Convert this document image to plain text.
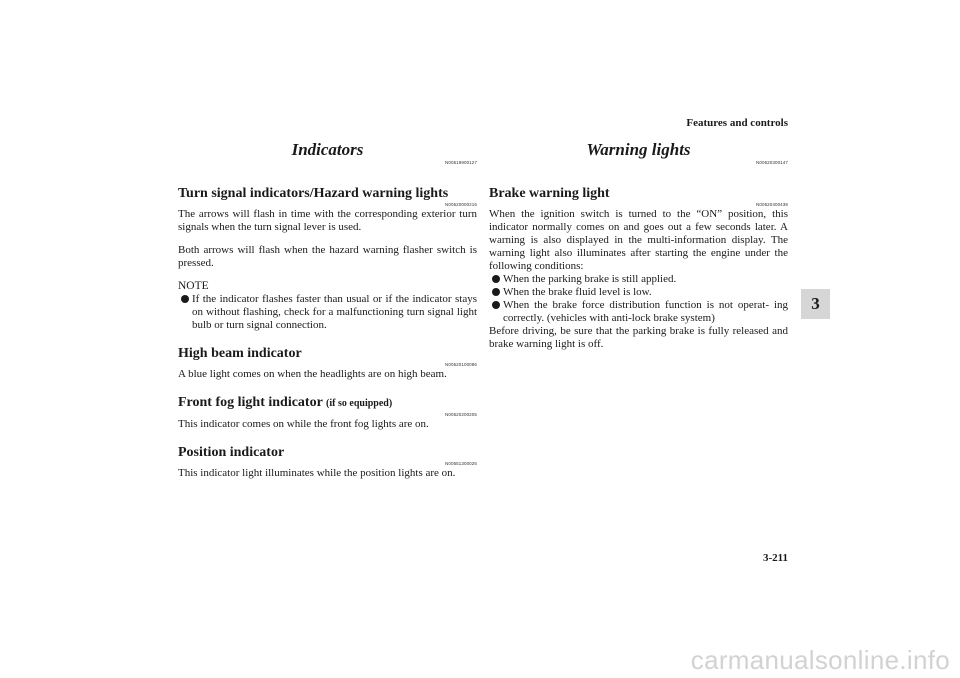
Features and controls
3
Indicators

N00519900127

Turn signal indicators/Hazard warning lights

N00520000216

The arrows will flash in time with the corresponding exterior turn signals when the turn signal lever is used.

Both arrows will flash when the hazard warning flasher switch is pressed.

NOTE

If the indicator flashes faster than usual or if the indicator stays on without flashing, check for a malfunctioning turn signal light bulb or turn signal connection.
High beam indicator

N00520100086

A blue light comes on when the headlights are on high beam.

Front fog light indicator (if so equipped)

N00520200205

This indicator comes on while the front fog lights are on.

Position indicator

N00551300026

This indicator light illuminates while the position lights are on.

Warning lights

N00520300147

Brake warning light

N00520400438

When the ignition switch is turned to the “ON” position, this indicator normally comes on and goes out a few seconds later. A warning is also displayed in the multi-information display. The warning light also illuminates after starting the engine under the following conditions:

When the parking brake is still applied.
When the brake fluid level is low.
When the brake force distribution function is not operat- ing correctly. (vehicles with anti-lock brake system)

Before driving, be sure that the parking brake is fully released and brake warning light is off.

3-211
carmanualsonline.info
